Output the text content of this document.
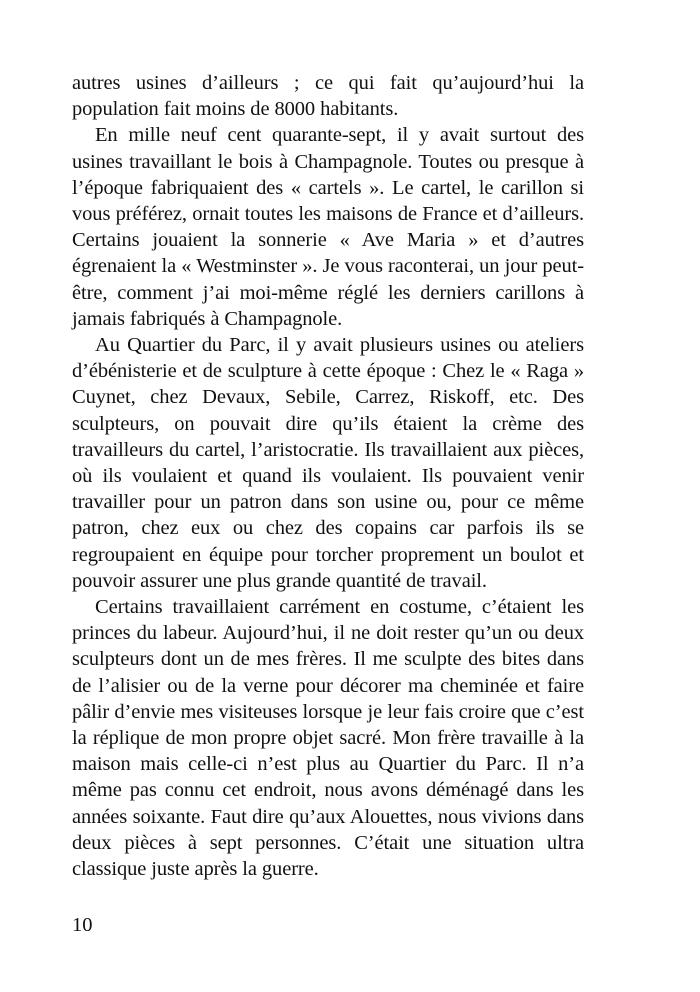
autres usines d’ailleurs ; ce qui fait qu’aujourd’hui la population fait moins de 8000 habitants.

En mille neuf cent quarante-sept, il y avait surtout des usines travaillant le bois à Champagnole. Toutes ou presque à l’époque fabriquaient des « cartels ». Le cartel, le carillon si vous préférez, ornait toutes les maisons de France et d’ailleurs. Certains jouaient la sonnerie « Ave Maria » et d’autres égrenaient la « Westminster ». Je vous raconterai, un jour peut-être, comment j’ai moi-même réglé les derniers carillons à jamais fabriqués à Champagnole.

Au Quartier du Parc, il y avait plusieurs usines ou ateliers d’ébénisterie et de sculpture à cette époque : Chez le « Raga » Cuynet, chez Devaux, Sebile, Carrez, Riskoff, etc. Des sculpteurs, on pouvait dire qu’ils étaient la crème des travailleurs du cartel, l’aristocratie. Ils travaillaient aux pièces, où ils voulaient et quand ils voulaient. Ils pouvaient venir travailler pour un patron dans son usine ou, pour ce même patron, chez eux ou chez des copains car parfois ils se regroupaient en équipe pour torcher proprement un boulot et pouvoir assurer une plus grande quantité de travail.

Certains travaillaient carrément en costume, c’étaient les princes du labeur. Aujourd’hui, il ne doit rester qu’un ou deux sculpteurs dont un de mes frères. Il me sculpte des bites dans de l’alisier ou de la verne pour décorer ma cheminée et faire pâlir d’envie mes visiteuses lorsque je leur fais croire que c’est la réplique de mon propre objet sacré. Mon frère travaille à la maison mais celle-ci n’est plus au Quartier du Parc. Il n’a même pas connu cet endroit, nous avons déménagé dans les années soixante. Faut dire qu’aux Alouettes, nous vivions dans deux pièces à sept personnes. C’était une situation ultra classique juste après la guerre.

10
